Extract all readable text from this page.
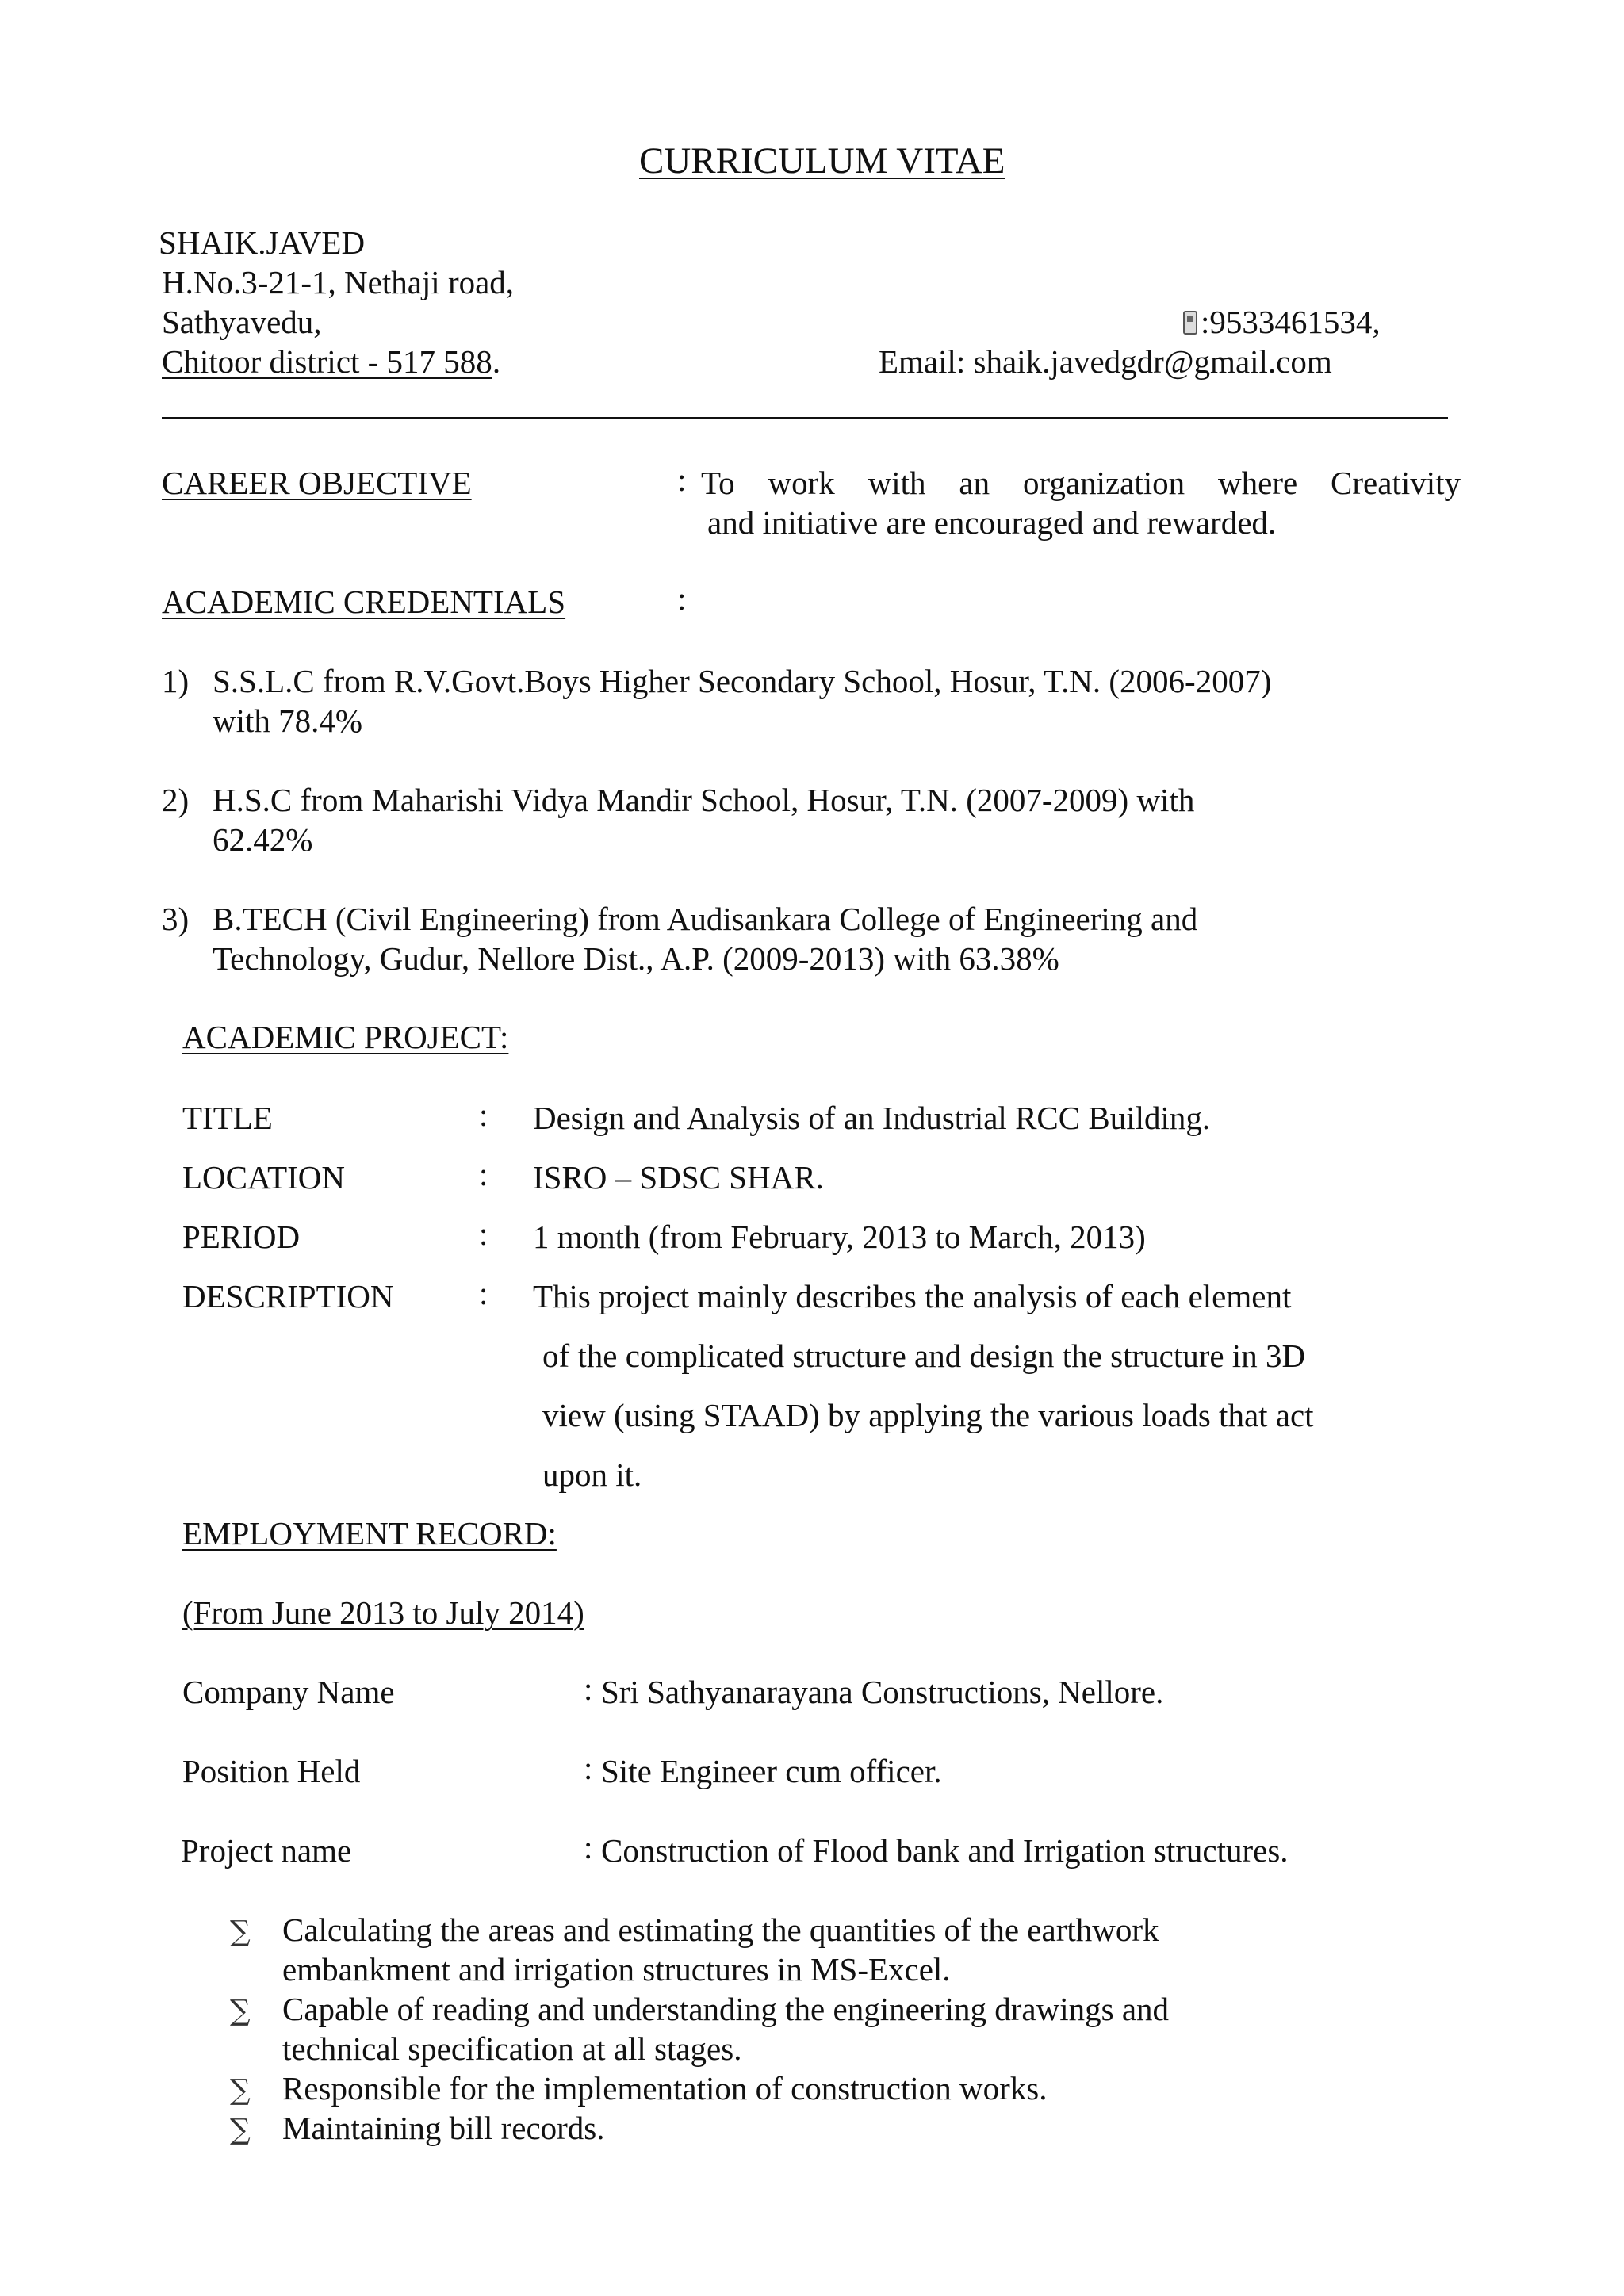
CURRICULUM VITAE
SHAIK.JAVED
H.No.3-21-1, Nethaji road,
Sathyavedu,
Chitoor district - 517 588.
:9533461534,
Email: shaik.javedgdr@gmail.com
CAREER OBJECTIVE	: To work with an organization where Creativity
and initiative are encouraged and rewarded.
ACADEMIC CREDENTIALS	:
1) S.S.L.C from R.V.Govt.Boys Higher Secondary School, Hosur, T.N. (2006-2007)
with 78.4%
2) H.S.C from Maharishi Vidya Mandir School, Hosur, T.N. (2007-2009) with
62.42%
3) B.TECH (Civil Engineering) from Audisankara College of Engineering and
Technology, Gudur, Nellore Dist., A.P. (2009-2013) with 63.38%
ACADEMIC PROJECT:
TITLE	: Design and Analysis of an Industrial RCC Building.
LOCATION	: ISRO – SDSC SHAR.
PERIOD	: 1 month (from February, 2013 to March, 2013)
DESCRIPTION	: This project mainly describes the analysis of each element
of the complicated structure and design the structure in 3D
view (using STAAD) by applying the various loads that act
upon it.
EMPLOYMENT RECORD:
(From June 2013 to July 2014)
Company Name	: Sri Sathyanarayana Constructions, Nellore.
Position Held	: Site Engineer cum officer.
Project name	: Construction of Flood bank and Irrigation structures.
∑ Calculating the areas and estimating the quantities of the earthwork
embankment and irrigation structures in MS-Excel.
∑ Capable of reading and understanding the engineering drawings and
technical specification at all stages.
∑ Responsible for the implementation of construction works.
∑ Maintaining bill records.
